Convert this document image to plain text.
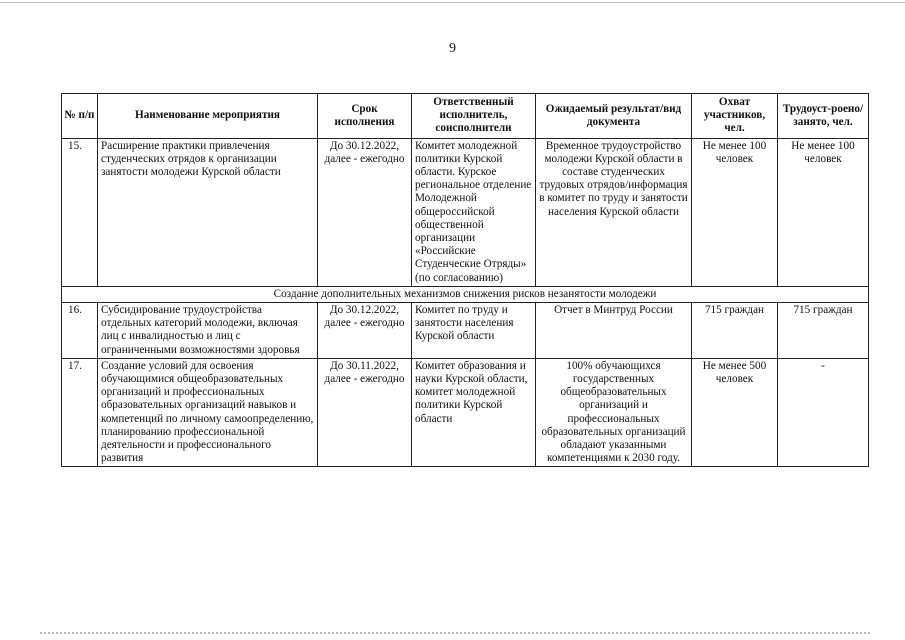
9
№ п/п	Наименование мероприятия	Срок исполнения	Ответственный исполнитель, соисполнители	Ожидаемый результат/вид документа	Охват участников, чел.	Трудоуст-роено/занято, чел.
15.	Расширение практики привлечения студенческих отрядов к организации занятости молодежи Курской области	До 30.12.2022, далее - ежегодно	Комитет молодежной политики Курской области. Курское региональное отделение Молодежной общероссийской общественной организации «Российские Студенческие Отряды» (по согласованию)	Временное трудоустройство молодежи Курской области в составе студенческих трудовых отрядов/информация в комитет по труду и занятости населения Курской области	Не менее 100 человек	Не менее 100 человек
Создание дополнительных механизмов снижения рисков незанятости молодежи						
16.	Субсидирование трудоустройства отдельных категорий молодежи, включая лиц с инвалидностью и лиц с ограниченными возможностями здоровья	До 30.12.2022, далее - ежегодно	Комитет по труду и занятости населения Курской области	Отчет в Минтруд России	715 граждан	715 граждан
17.	Создание условий для освоения обучающимися общеобразовательных организаций и профессиональных образовательных организаций навыков и компетенций по личному самоопределению, планированию профессиональной деятельности и профессионального развития	До 30.11.2022, далее - ежегодно	Комитет образования и науки Курской области, комитет молодежной политики Курской области	100% обучающихся государственных общеобразовательных организаций и профессиональных образовательных организаций обладают указанными компетенциями к 2030 году.	Не менее 500 человек	-
